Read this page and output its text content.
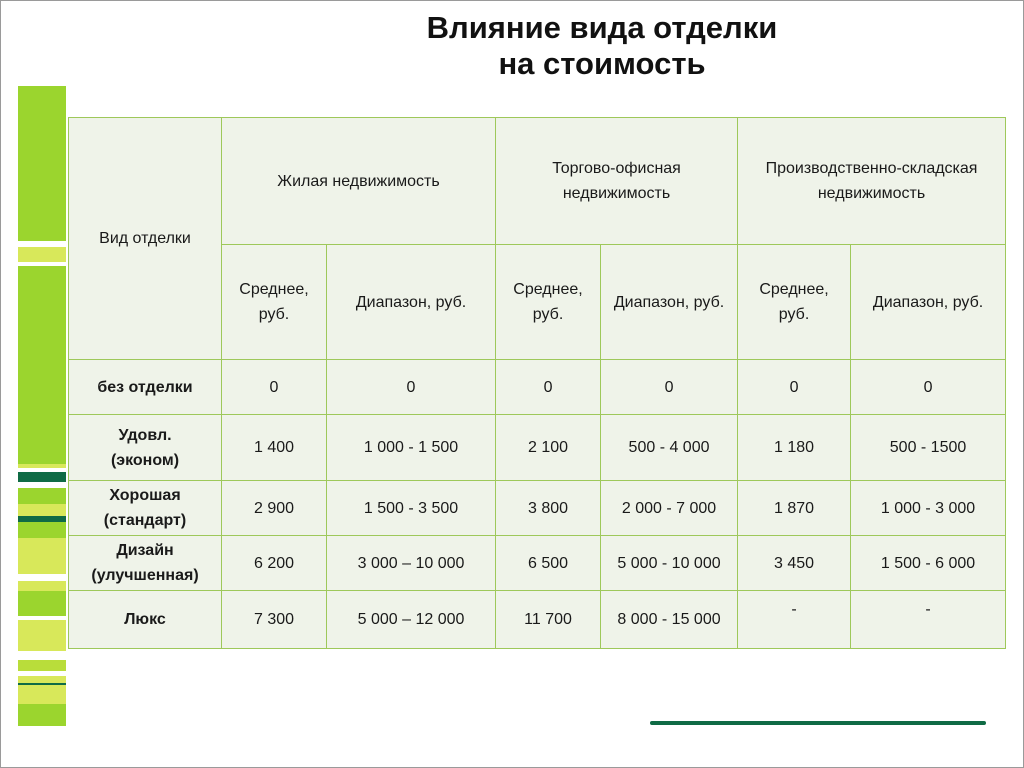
Влияние вида отделки
на стоимость
Вид отделки	Жилая недвижимость		Торгово-офисная недвижимость		Производственно-складская недвижимость	
	Среднее, руб.	Диапазон, руб.	Среднее, руб.	Диапазон, руб.	Среднее, руб.	Диапазон, руб.
без отделки	0	0	0	0	0	0
Удовл.
(эконом)	1 400	1 000 - 1 500	2 100	500 - 4 000	1 180	500 - 1500
Хорошая
(стандарт)	2 900	1 500 - 3 500	3 800	2 000 - 7 000	1 870	1 000 - 3 000
Дизайн
(улучшенная)	6 200	3 000 – 10 000	6 500	5 000 - 10 000	3 450	1 500 - 6 000
Люкс	7 300	5 000 – 12 000	11 700	8 000 - 15 000	-	-
